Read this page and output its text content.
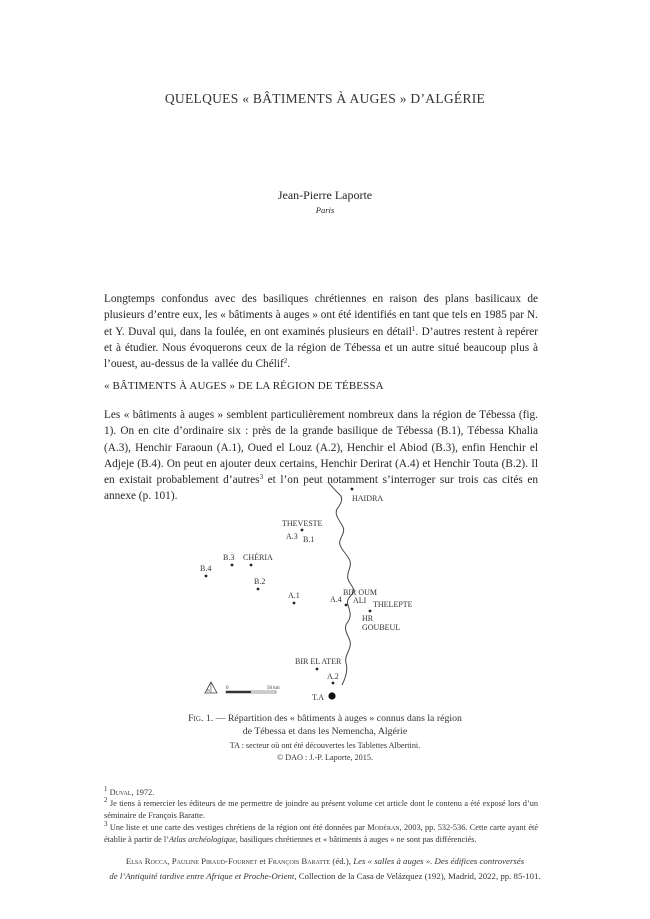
QUELQUES « BÂTIMENTS À AUGES » D’ALGÉRIE
Jean-Pierre Laporte
Paris

Longtemps confondus avec des basiliques chrétiennes en raison des plans basilicaux de plusieurs d’entre eux, les « bâtiments à auges » ont été identifiés en tant que tels en 1985 par N. et Y. Duval qui, dans la foulée, en ont examinés plusieurs en détail$^1$. D’autres restent à repérer et à étudier. Nous évoquerons ceux de la région de Tébessa et un autre situé beaucoup plus à l’ouest, au-dessus de la vallée du Chélif$^2$.

« BÂTIMENTS À AUGES » DE LA RÉGION DE TÉBESSA

Les « bâtiments à auges » semblent particulièrement nombreux dans la région de Tébessa (fig. 1). On en cite d’ordinaire six : près de la grande basilique de Tébessa (B.1), Tébessa Khalia (A.3), Henchir Faraoun (A.1), Oued el Louz (A.2), Henchir el Abiod (B.3), enfin Henchir el Adjeje (B.4). On peut en ajouter deux certains, Henchir Derirat (A.4) et Henchir Touta (B.2). Il en existait probablement d’autres$^3$ et l’on peut notamment s’interroger sur trois cas cités en annexe (p. 101).	HAIDRA
THEVESTE
A.3 B.1
B.3 CHÉRIA
B.4
B.2
A.1	A.4
BIR OUM
ALI THELEPTE
HR
GOUBEUL
BIR EL ATER
A.2
T.A
N	0	50 km
Fig. 1. — Répartition des « bâtiments à auges » connus dans la région
de Tébessa et dans les Nemencha, Algérie
TA : secteur où ont été découvertes les Tablettes Albertini.
© DAO : J.-P. Laporte, 2015.

$^1$ Duval, 1972.

$^2$ Je tiens à remercier les éditeurs de me permettre de joindre au présent volume cet article dont le contenu a été exposé lors d’un séminaire de François Baratte.

$^3$ Une liste et une carte des vestiges chrétiens de la région ont été données par Modéran, 2003, pp. 532-536. Cette carte ayant été établie à partir de l’Atlas archéologique, basiliques chrétiennes et « bâtiments à auges » ne sont pas différenciés.

Elsa Rocca, Pauline Piraud-Fournet et François Baratte (éd.), Les « salles à auges ». Des édifices controversés
de l’Antiquité tardive entre Afrique et Proche-Orient, Collection de la Casa de Velázquez (192), Madrid, 2022, pp. 85-101.
